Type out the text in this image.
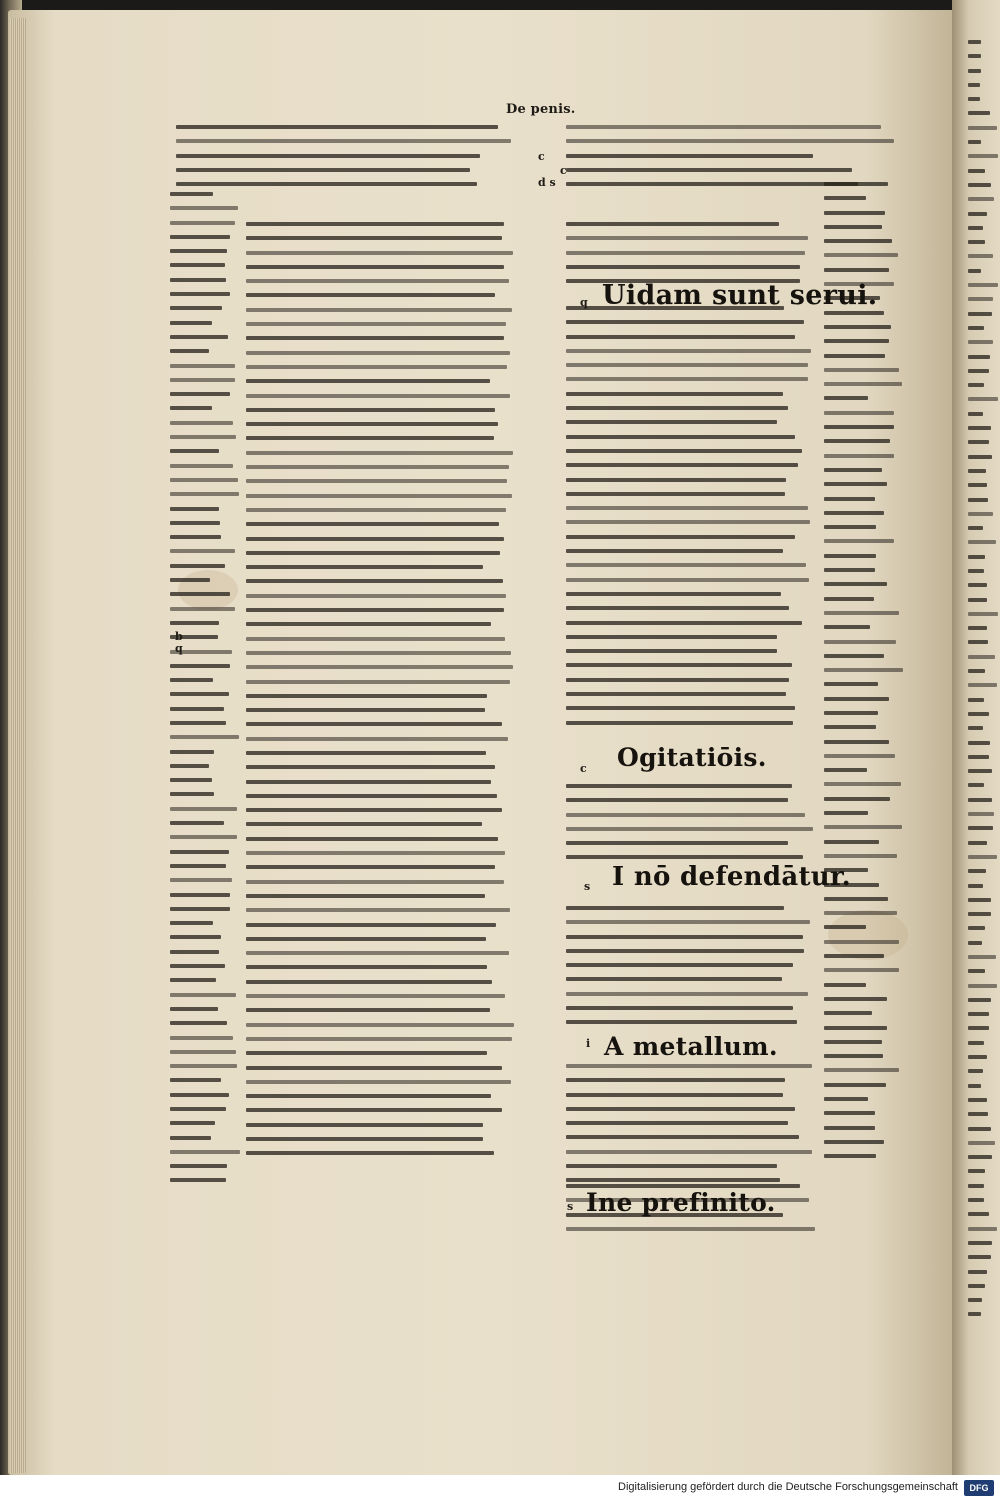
De penis.
c
d s
c
b
q
q Uidam sunt serui.
c Ogitatiōis.
s I nō defendātur.
i A metallum.
s Ine prefinito.
Digitalisierung gefördert durch die Deutsche Forschungsgemeinschaft	DFG
